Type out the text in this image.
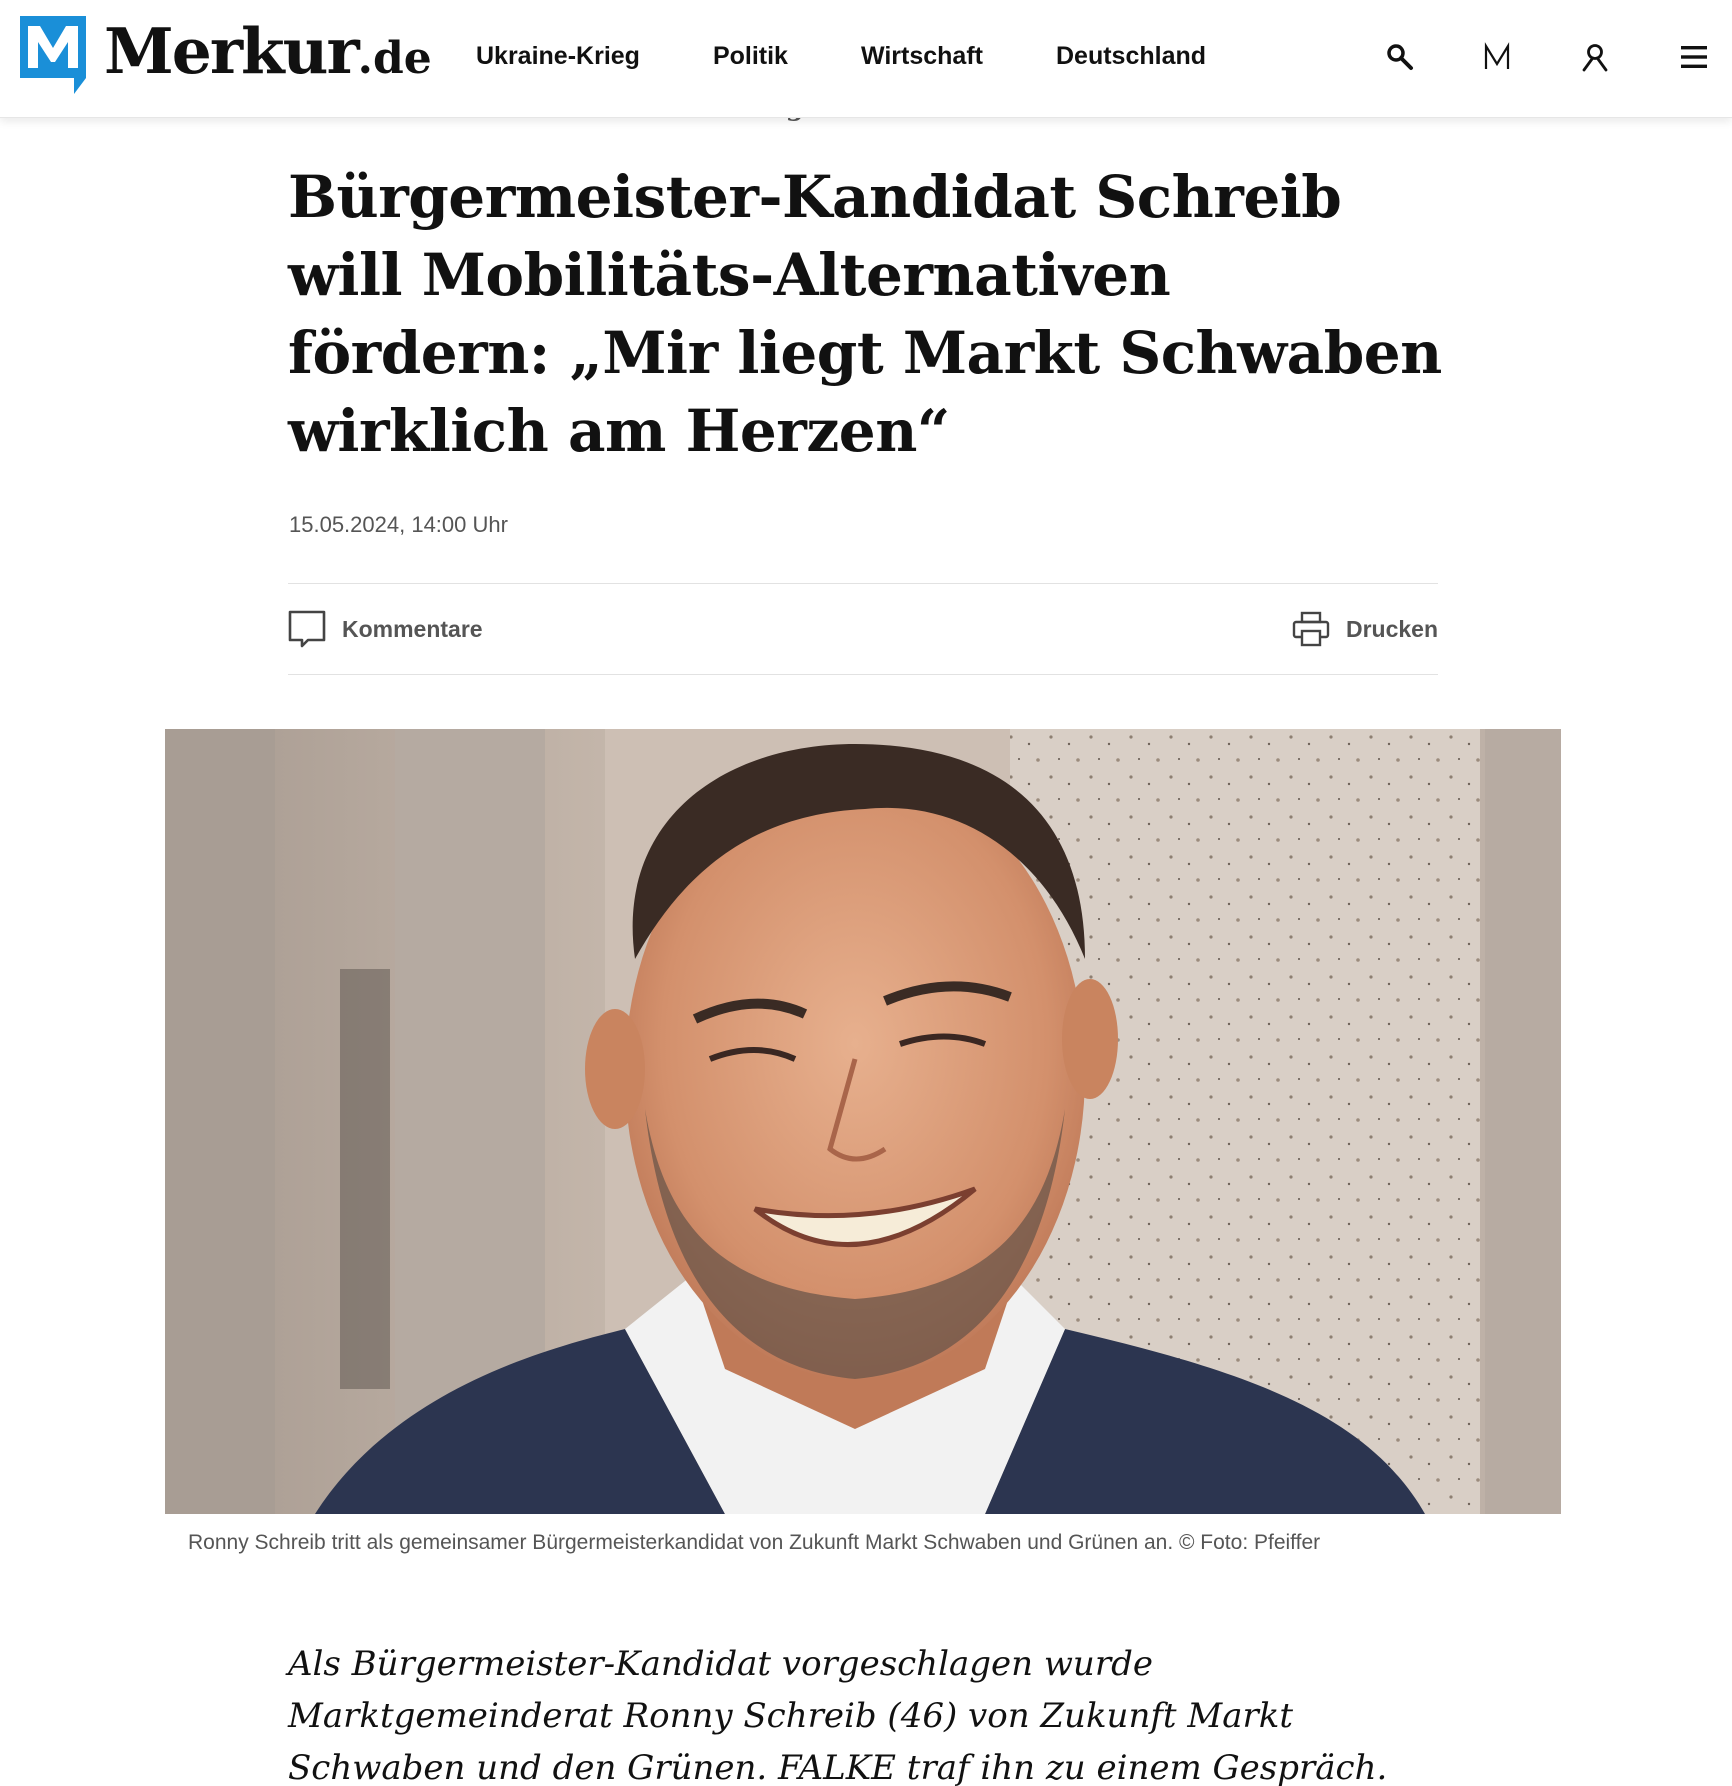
Merkur.de Ukraine-Krieg	Politik	Wirtschaft	Deutschland
Bürgermeister-Kandidat Schreib will Mobilitäts-Alternativen fördern: „Mir liegt Markt Schwaben wirklich am Herzen“
15.05.2024, 14:00 Uhr
Kommentare	Drucken
Ronny Schreib tritt als gemeinsamer Bürgermeisterkandidat von Zukunft Markt Schwaben und Grünen an. © Foto: Pfeiffer

Als Bürgermeister-Kandidat vorgeschlagen wurde Marktgemeinderat Ronny Schreib (46) von Zukunft Markt Schwaben und den Grünen. FALKE traf ihn zu einem Gespräch.
